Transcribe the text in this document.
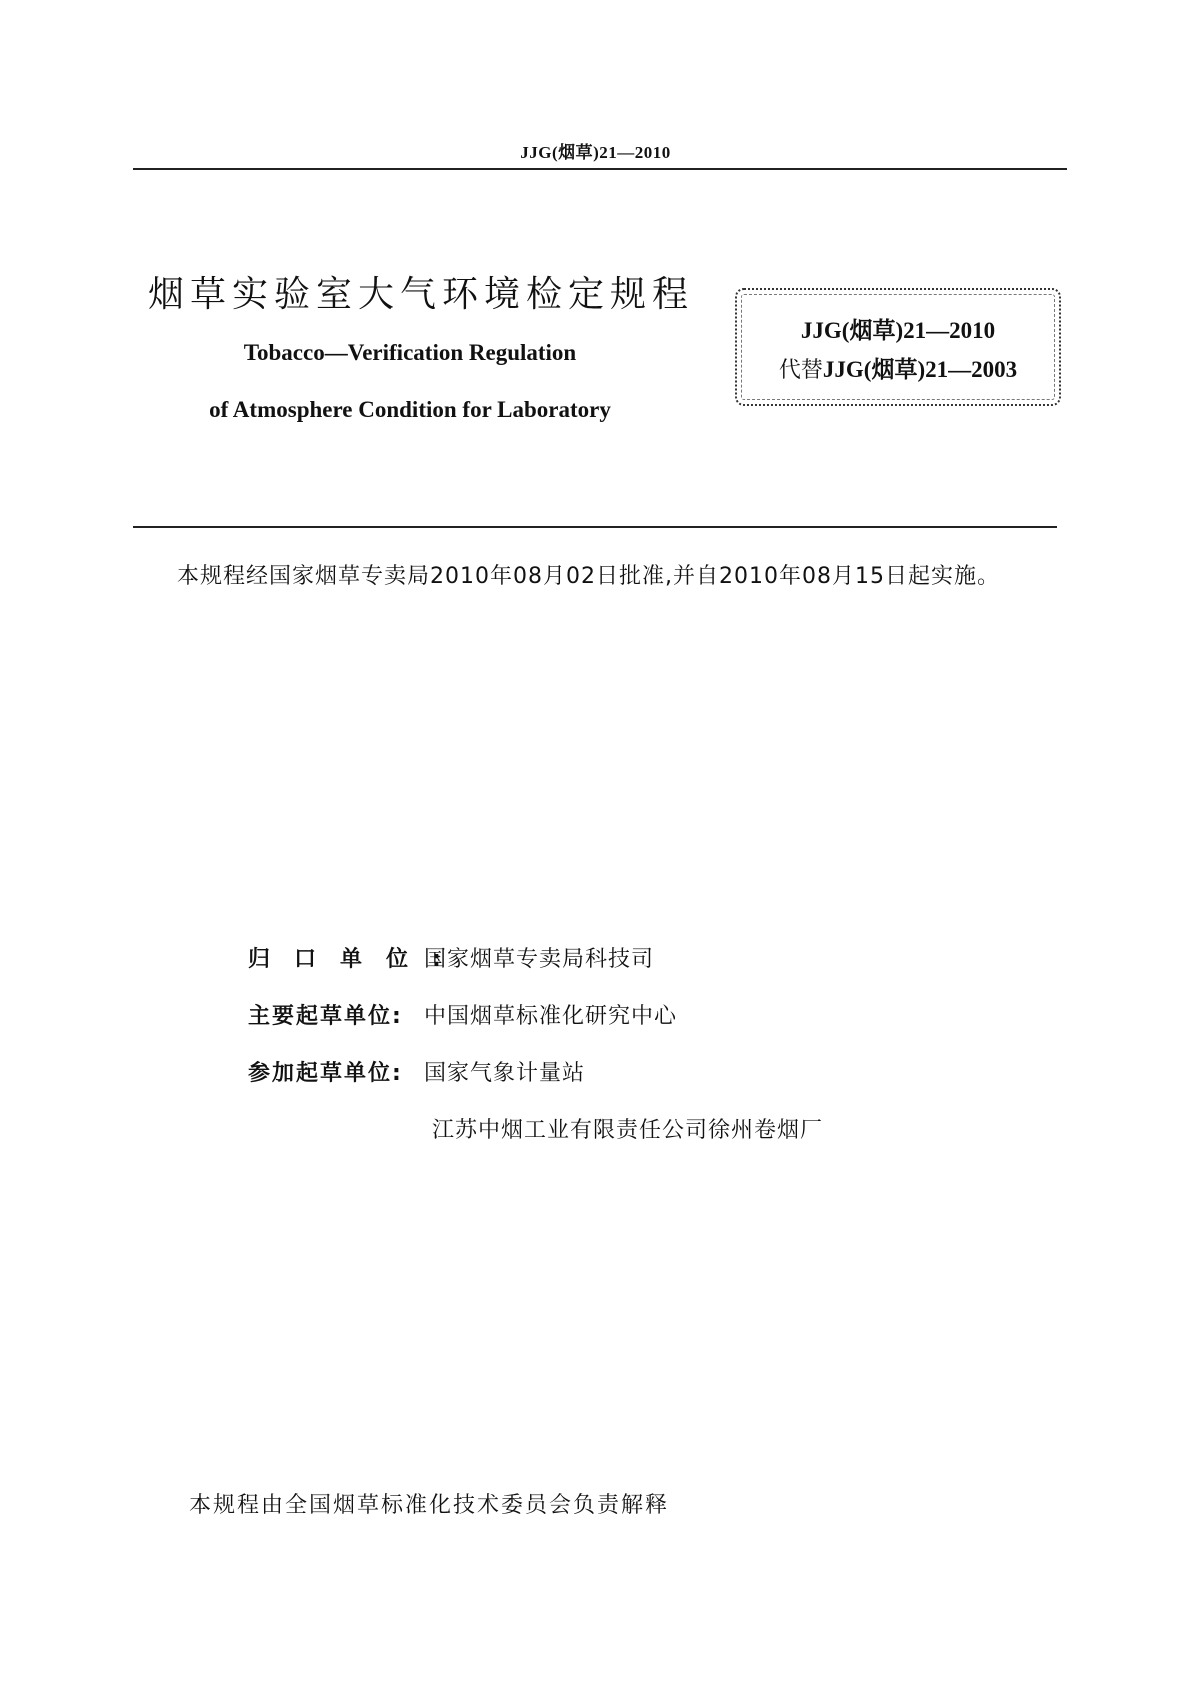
JJG(烟草)21—2010
烟草实验室大气环境检定规程
Tobacco—Verification Regulation
of Atmosphere Condition for Laboratory
JJG(烟草)21—2010
代替JJG(烟草)21—2003
本规程经国家烟草专卖局2010年08月02日批准,并自2010年08月15日起实施。
归口单位:国家烟草专卖局科技司
主要起草单位: 中国烟草标准化研究中心
参加起草单位: 国家气象计量站
江苏中烟工业有限责任公司徐州卷烟厂
本规程由全国烟草标准化技术委员会负责解释
